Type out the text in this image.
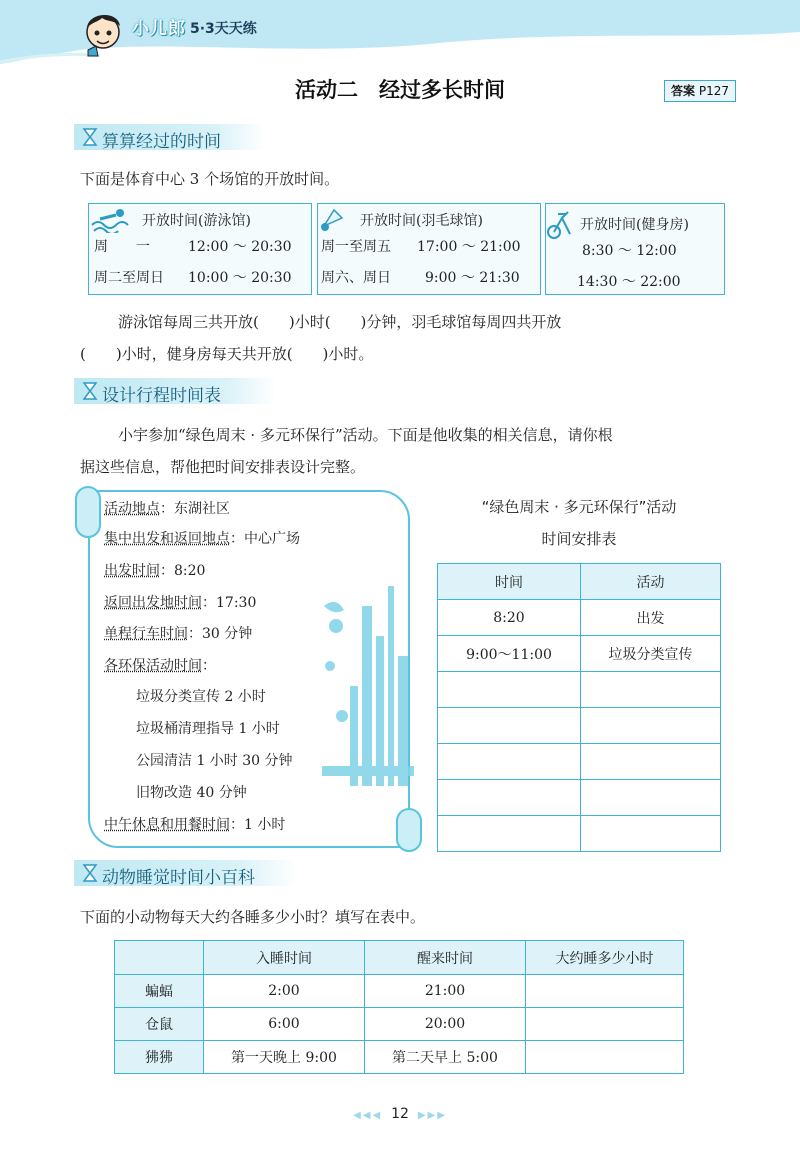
小儿郎 5·3天天练
活动二　经过多长时间	答案 P127
算算经过的时间
下面是体育中心 3 个场馆的开放时间。
开放时间(游泳馆)
周　　一	12:00 ～ 20:30
周二至周日 10:00 ～ 20:30
开放时间(羽毛球馆)
周一至周五 17:00 ～ 21:00
周六、周日 9:00 ～ 21:30
开放时间(健身房)
8:30 ～ 12:00
14:30 ～ 22:00
游泳馆每周三共开放(　　)小时(　　)分钟，羽毛球馆每周四共开放
(　　)小时，健身房每天共开放(　　)小时。
设计行程时间表
小宇参加“绿色周末 · 多元环保行”活动。下面是他收集的相关信息，请你根
据这些信息，帮他把时间安排表设计完整。
活动地点：东湖社区
集中出发和返回地点：中心广场
出发时间：8:20
返回出发地时间：17:30
单程行车时间：30 分钟
各环保活动时间：
垃圾分类宣传 2 小时
垃圾桶清理指导 1 小时
公园清洁 1 小时 30 分钟
旧物改造 40 分钟
中午休息和用餐时间：1 小时
“绿色周末 · 多元环保行”活动
时间安排表
时间	活动
8:20	出发
9:00～11:00	垃圾分类宣传

动物睡觉时间小百科
下面的小动物每天大约各睡多少小时？填写在表中。
	入睡时间	醒来时间	大约睡多少小时
蝙蝠	2:00	21:00	
仓鼠	6:00	20:00	
狒狒	第一天晚上 9:00	第二天早上 5:00	
◀◀◀ 12 ▶▶▶
